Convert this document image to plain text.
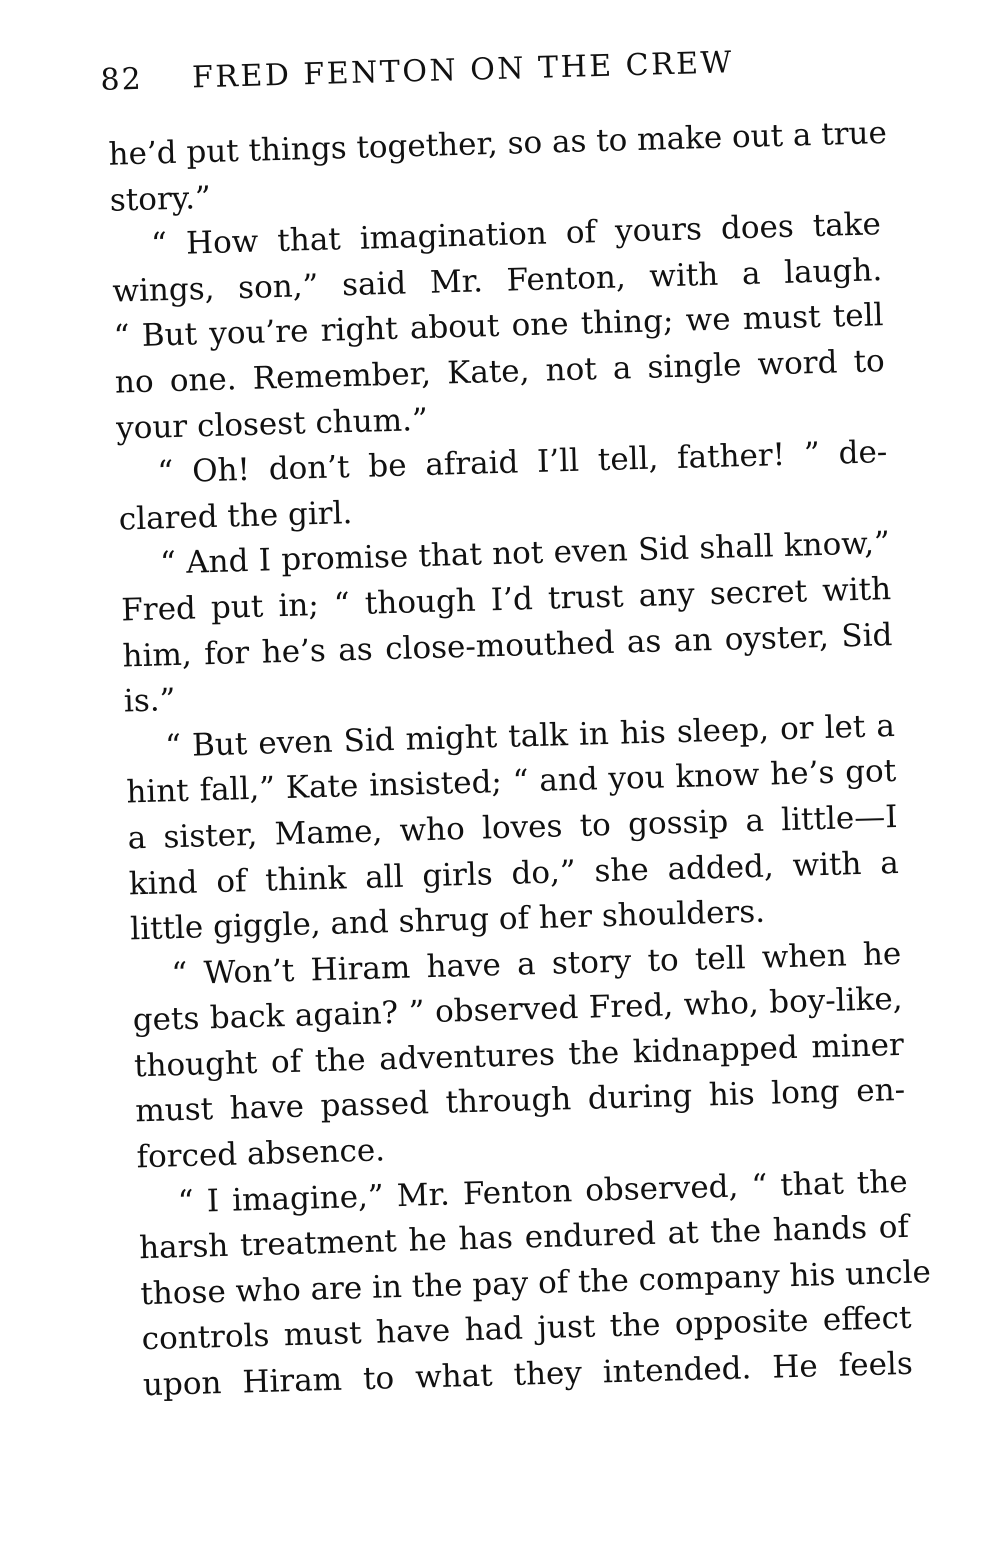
82 FRED FENTON ON THE CREW
he’d put things together, so as to make out a true
story.”
“ How that imagination of yours does take
wings, son,” said Mr. Fenton, with a laugh.
“ But you’re right about one thing; we must tell
no one. Remember, Kate, not a single word to
your closest chum.”
“ Oh! don’t be afraid I’ll tell, father! ” de-
clared the girl.
“ And I promise that not even Sid shall know,”
Fred put in; “ though I’d trust any secret with
him, for he’s as close-mouthed as an oyster, Sid
is.”
“ But even Sid might talk in his sleep, or let a
hint fall,” Kate insisted; “ and you know he’s got
a sister, Mame, who loves to gossip a little—I
kind of think all girls do,” she added, with a
little giggle, and shrug of her shoulders.
“ Won’t Hiram have a story to tell when he
gets back again? ” observed Fred, who, boy-like,
thought of the adventures the kidnapped miner
must have passed through during his long en-
forced absence.
“ I imagine,” Mr. Fenton observed, “ that the
harsh treatment he has endured at the hands of
those who are in the pay of the company his uncle
controls must have had just the opposite effect
upon Hiram to what they intended. He feels
